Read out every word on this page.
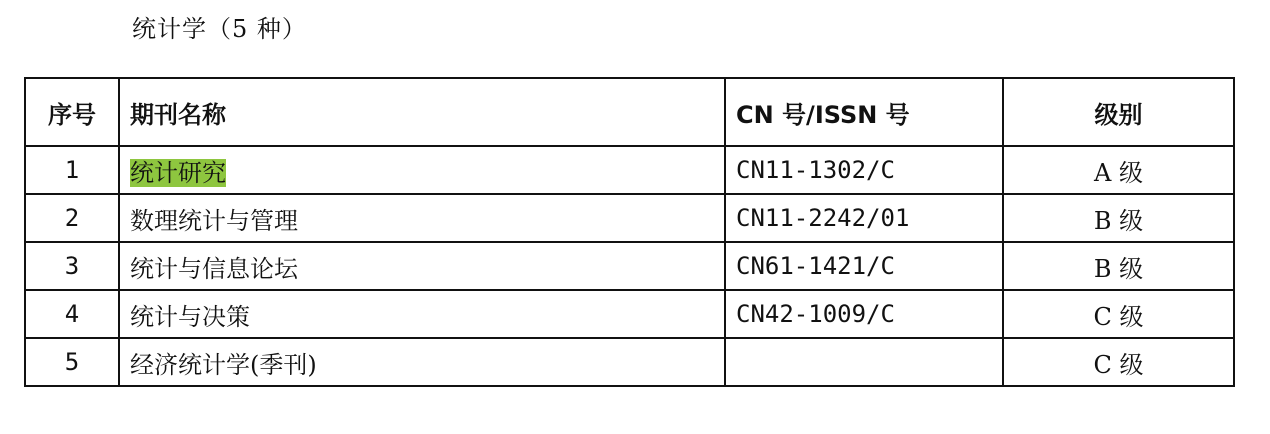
统计学（5 种）
序号	期刊名称	CN 号/ISSN 号	级别
1	统计研究	CN11-1302/C	A 级
2	数理统计与管理	CN11-2242/01	B 级
3	统计与信息论坛	CN61-1421/C	B 级
4	统计与决策	CN42-1009/C	C 级
5	经济统计学(季刊)		C 级
